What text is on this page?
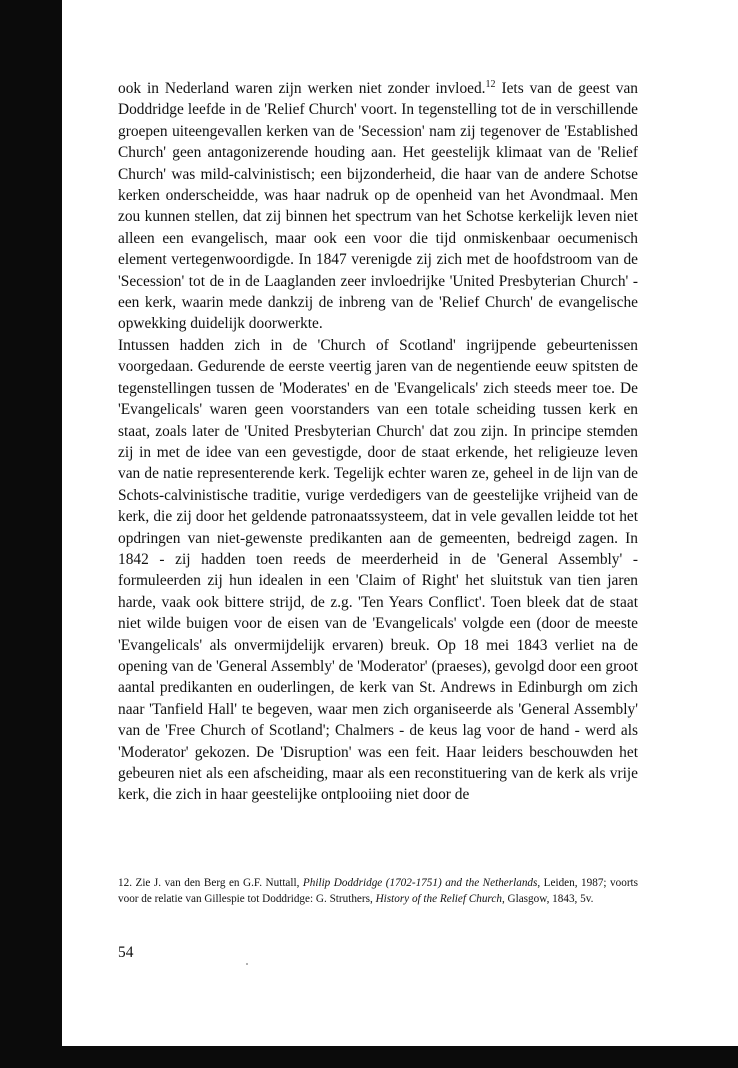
ook in Nederland waren zijn werken niet zonder invloed.$^{12}$ Iets van de geest van Doddridge leefde in de 'Relief Church' voort. In tegenstelling tot de in verschillende groepen uiteengevallen kerken van de 'Secession' nam zij tegenover de 'Established Church' geen antagonizerende houding aan. Het geestelijk klimaat van de 'Relief Church' was mild-calvinistisch; een bijzonderheid, die haar van de andere Schotse kerken onderscheidde, was haar nadruk op de openheid van het Avondmaal. Men zou kunnen stellen, dat zij binnen het spectrum van het Schotse kerkelijk leven niet alleen een evangelisch, maar ook een voor die tijd onmiskenbaar oecumenisch element vertegenwoordigde. In 1847 verenigde zij zich met de hoofdstroom van de 'Secession' tot de in de Laaglanden zeer invloedrijke 'United Presbyterian Church' - een kerk, waarin mede dankzij de inbreng van de 'Relief Church' de evangelische opwekking duidelijk doorwerkte.

Intussen hadden zich in de 'Church of Scotland' ingrijpende gebeurtenissen voorgedaan. Gedurende de eerste veertig jaren van de negentiende eeuw spitsten de tegenstellingen tussen de 'Moderates' en de 'Evangelicals' zich steeds meer toe. De 'Evangelicals' waren geen voorstanders van een totale scheiding tussen kerk en staat, zoals later de 'United Presbyterian Church' dat zou zijn. In principe stemden zij in met de idee van een gevestigde, door de staat erkende, het religieuze leven van de natie representerende kerk. Tegelijk echter waren ze, geheel in de lijn van de Schots-calvinistische traditie, vurige verdedigers van de geestelijke vrijheid van de kerk, die zij door het geldende patronaatssysteem, dat in vele gevallen leidde tot het opdringen van niet-gewenste predikanten aan de gemeenten, bedreigd zagen. In 1842 - zij hadden toen reeds de meerderheid in de 'General Assembly' - formuleerden zij hun idealen in een 'Claim of Right' het sluitstuk van tien jaren harde, vaak ook bittere strijd, de z.g. 'Ten Years Conflict'. Toen bleek dat de staat niet wilde buigen voor de eisen van de 'Evangelicals' volgde een (door de meeste 'Evangelicals' als onvermijdelijk ervaren) breuk. Op 18 mei 1843 verliet na de opening van de 'General Assembly' de 'Moderator' (praeses), gevolgd door een groot aantal predikanten en ouderlingen, de kerk van St. Andrews in Edinburgh om zich naar 'Tanfield Hall' te begeven, waar men zich organiseerde als 'General Assembly' van de 'Free Church of Scotland'; Chalmers - de keus lag voor de hand - werd als 'Moderator' gekozen. De 'Disruption' was een feit. Haar leiders beschouwden het gebeuren niet als een afscheiding, maar als een reconstituering van de kerk als vrije kerk, die zich in haar geestelijke ontplooiing niet door de

12. Zie J. van den Berg en G.F. Nuttall, Philip Doddridge (1702-1751) and the Netherlands, Leiden, 1987; voorts voor de relatie van Gillespie tot Doddridge: G. Struthers, History of the Relief Church, Glasgow, 1843, 5v.
54
